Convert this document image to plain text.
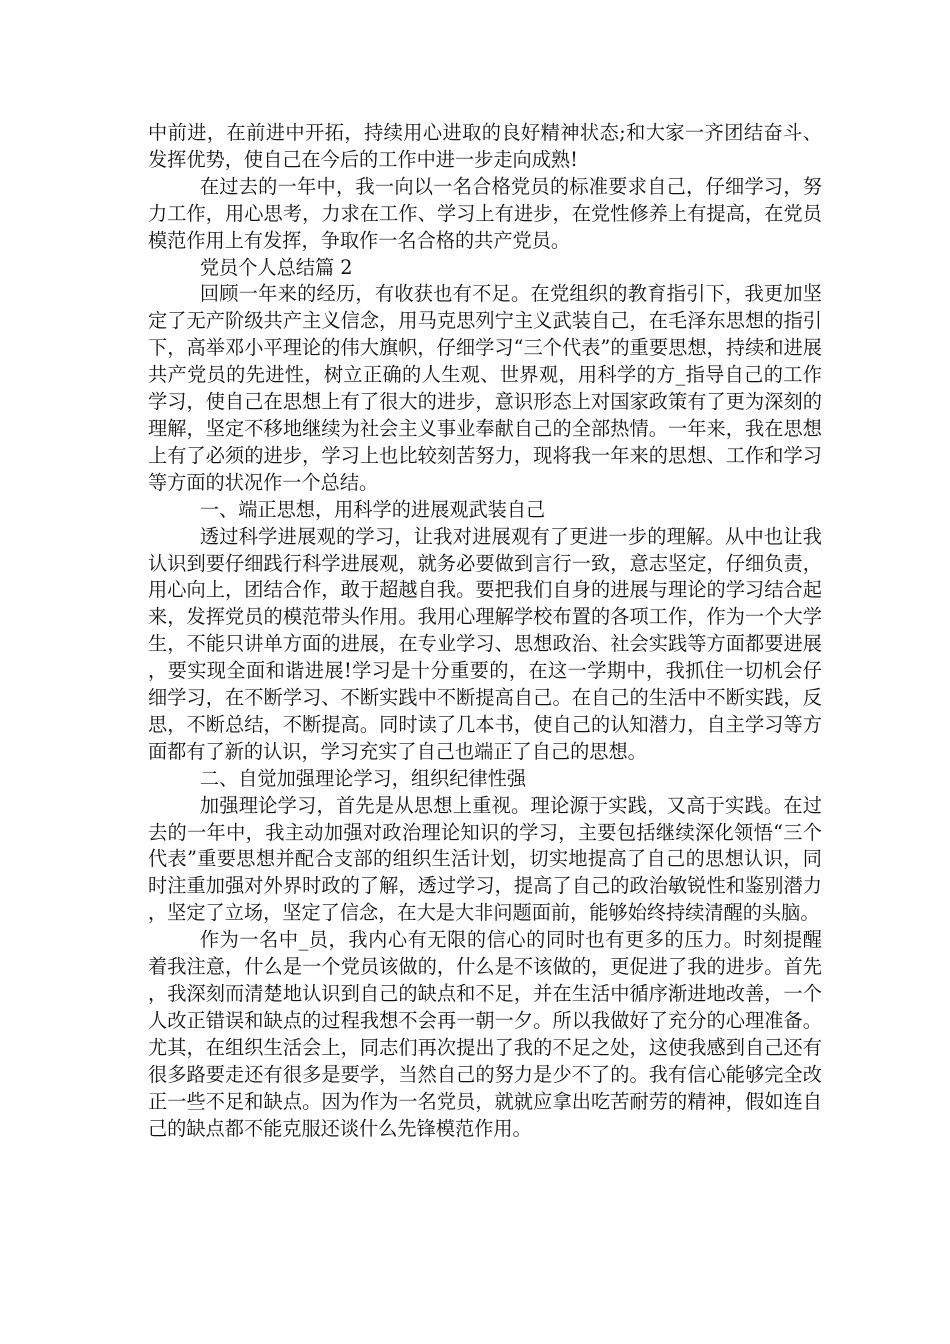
中前进，在前进中开拓，持续用心进取的良好精神状态;和大家一齐团结奋斗、发挥优势，使自己在今后的工作中进一步走向成熟!

在过去的一年中，我一向以一名合格党员的标准要求自己，仔细学习，努力工作，用心思考，力求在工作、学习上有进步，在党性修养上有提高，在党员模范作用上有发挥，争取作一名合格的共产党员。

党员个人总结篇 2

回顾一年来的经历，有收获也有不足。在党组织的教育指引下，我更加坚定了无产阶级共产主义信念，用马克思列宁主义武装自己，在毛泽东思想的指引下，高举邓小平理论的伟大旗帜，仔细学习“三个代表”的重要思想，持续和进展共产党员的先进性，树立正确的人生观、世界观，用科学的方_指导自己的工作学习，使自己在思想上有了很大的进步，意识形态上对国家政策有了更为深刻的理解，坚定不移地继续为社会主义事业奉献自己的全部热情。一年来，我在思想上有了必须的进步，学习上也比较刻苦努力，现将我一年来的思想、工作和学习等方面的状况作一个总结。

一、端正思想，用科学的进展观武装自己

透过科学进展观的学习，让我对进展观有了更进一步的理解。从中也让我认识到要仔细践行科学进展观，就务必要做到言行一致，意志坚定，仔细负责，用心向上，团结合作，敢于超越自我。要把我们自身的进展与理论的学习结合起来，发挥党员的模范带头作用。我用心理解学校布置的各项工作，作为一个大学生，不能只讲单方面的进展，在专业学习、思想政治、社会实践等方面都要进展，要实现全面和谐进展!学习是十分重要的，在这一学期中，我抓住一切机会仔细学习，在不断学习、不断实践中不断提高自己。在自己的生活中不断实践，反思，不断总结，不断提高。同时读了几本书，使自己的认知潜力，自主学习等方面都有了新的认识，学习充实了自己也端正了自己的思想。

二、自觉加强理论学习，组织纪律性强

加强理论学习，首先是从思想上重视。理论源于实践，又高于实践。在过去的一年中，我主动加强对政治理论知识的学习，主要包括继续深化领悟“三个代表”重要思想并配合支部的组织生活计划，切实地提高了自己的思想认识，同时注重加强对外界时政的了解，透过学习，提高了自己的政治敏锐性和鉴别潜力，坚定了立场，坚定了信念，在大是大非问题面前，能够始终持续清醒的头脑。

作为一名中_员，我内心有无限的信心的同时也有更多的压力。时刻提醒着我注意，什么是一个党员该做的，什么是不该做的，更促进了我的进步。首先，我深刻而清楚地认识到自己的缺点和不足，并在生活中循序渐进地改善，一个人改正错误和缺点的过程我想不会再一朝一夕。所以我做好了充分的心理准备。尤其，在组织生活会上，同志们再次提出了我的不足之处，这使我感到自己还有很多路要走还有很多是要学，当然自己的努力是少不了的。我有信心能够完全改正一些不足和缺点。因为作为一名党员，就就应拿出吃苦耐劳的精神，假如连自己的缺点都不能克服还谈什么先锋模范作用。
